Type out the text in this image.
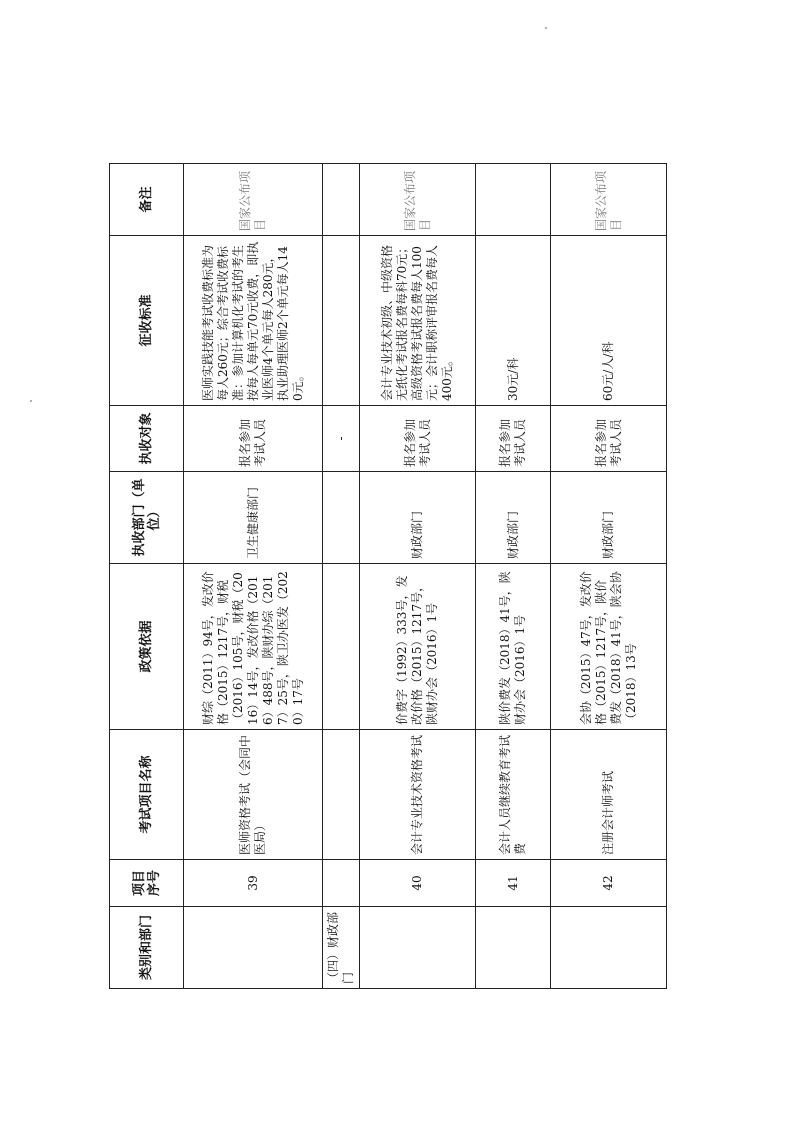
类别和部门	项目序号	考试项目名称	政策依据	执收部门（单位）	执收对象	征收标准	备注
	39	医师资格考试（会同中医局）	财综（2011）94号，发改价格（2015）1217号，财税（2016）105号，财税（2016）14号，发改价格（2016）488号，陕财办综（2017）25号，陕卫办医发（2020）17号	卫生健康部门	报名参加考试人员	医师实践技能考试收费标准为每人260元；综合考试收费标准：参加计算机化考试的考生按每人每单元70元收费，即执业医师4个单元每人280元，执业助理医师2个单元每人140元。	国家公布项目
（四）财政部门					-		
	40	会计专业技术资格考试	价费字（1992）333号，发改价格（2015）1217号，陕财办会（2016）1号	财政部门	报名参加考试人员	会计专业技术初级、中级资格无纸化考试报名费每科70元；高级资格考试报名费每人100元；会计职称评审报名费每人400元。	国家公布项目
	41	会计人员继续教育考试费	陕价费发（2018）41号，陕财办会（2016）1号	财政部门	报名参加考试人员	30元/科	
	42	注册会计师考试	会协（2015）47号，发改价格（2015）1217号，陕价费发（2018）41号，陕会协（2018）13号	财政部门	报名参加考试人员	60元/人/科	国家公布项目
